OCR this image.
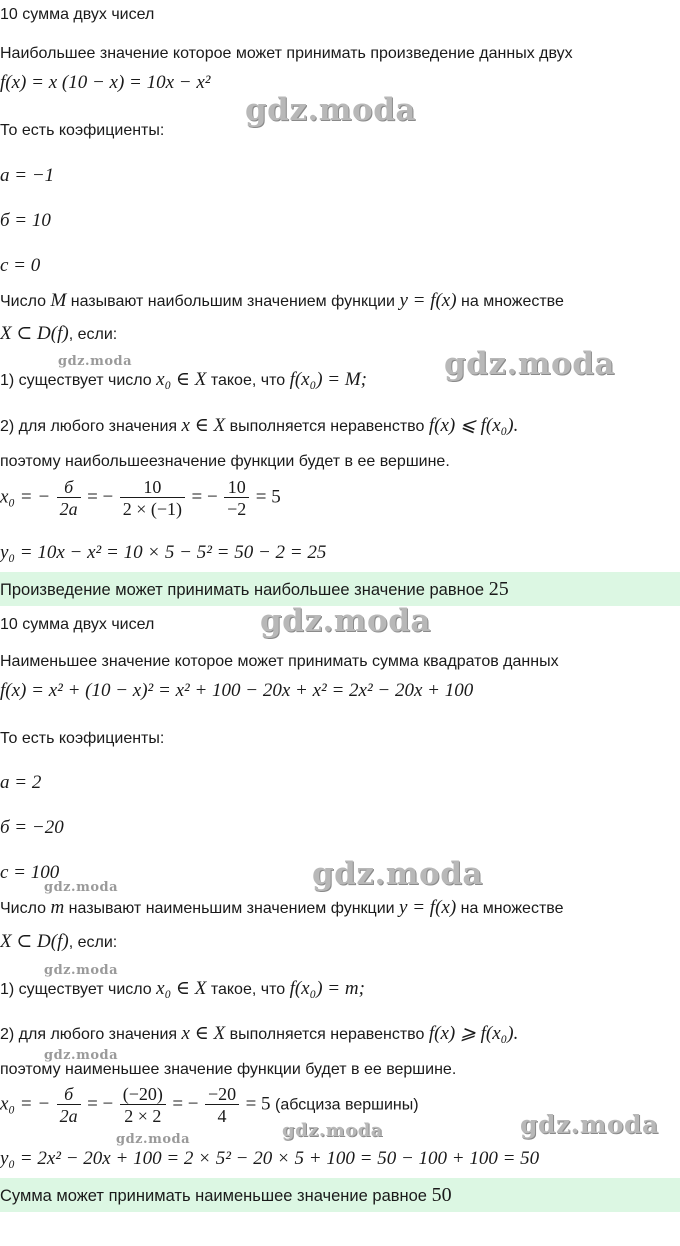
10 сумма двух чисел
Наибольшее значение которое может принимать произведение данных двух
f(x) = x (10 − x) = 10x − x²
gdz.moda
То есть коэфициенты:
a = −1
б = 10
c = 0
Число M называют наибольшим значением функции y = f(x) на множестве
X ⊂ D(f), если:
gdz.moda
1) существует число x₀ ∈ X такое, что f(x₀) = M; gdz.moda
2) для любого значения x ∈ X выполняется неравенство f(x) ⩽ f(x₀).
поэтому наибольшеезначение функции будет в ее вершине.
x₀ = − $\frac{б}{2a}$ = − $\frac{10}{2 \times (-1)}$ = − $\frac{10}{-2} = 5$
y₀ = 10x − x² = 10 × 5 − 5² = 50 − 2 = 25
Произведение может принимать наибольшее значение равное 25
10 сумма двух чисел	gdz.moda
Наименьшее значение которое может принимать сумма квадратов данных
f(x) = x² + (10 − x)² = x² + 100 − 20x + x² = 2x² − 20x + 100
То есть коэфициенты:
a = 2
б = −20
c = 100
gdz.moda	gdz.moda
Число m называют наименьшим значением функции y = f(x) на множестве
X ⊂ D(f), если:
gdz.moda
1) существует число x₀ ∈ X такое, что f(x₀) = m;
2) для любого значения x ∈ X выполняется неравенство f(x) ⩾ f(x₀).
gdz.moda
поэтому наименьшее значение функции будет в ее вершине.
x₀ = − $\frac{б}{2a}$ = − $\frac{(-20)}{2 \times 2}$ = − $\frac{-20}{4} = 5$ (абсциза вершины)
gdz.moda	gdz.moda	gdz.moda
y₀ = 2x² − 20x + 100 = 2 × 5² − 20 × 5 + 100 = 50 − 100 + 100 = 50
Сумма может принимать наименьшее значение равное 50
